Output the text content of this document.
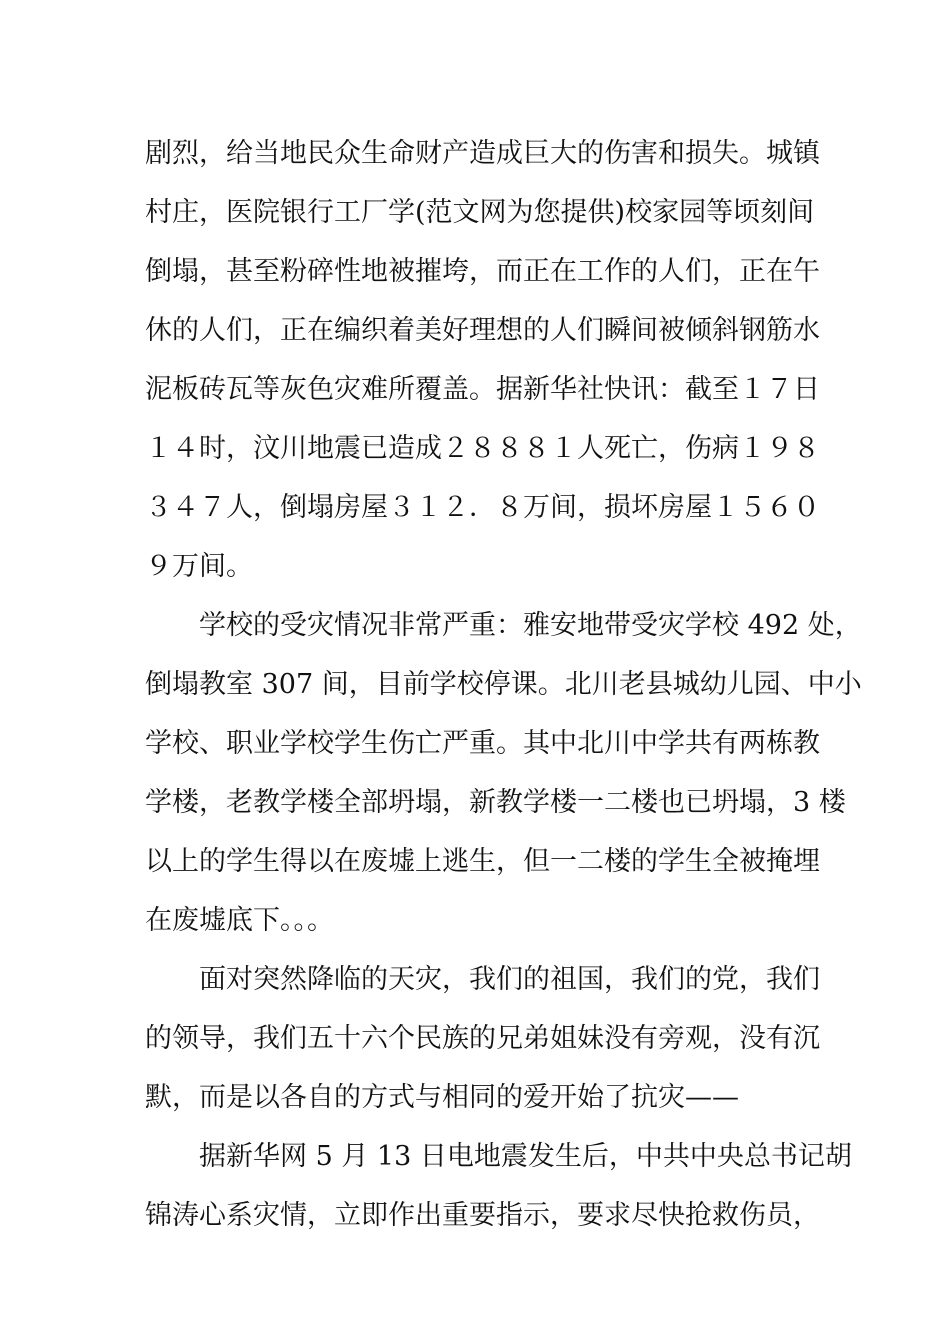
剧烈，给当地民众生命财产造成巨大的伤害和损失。城镇
村庄，医院银行工厂学(范文网为您提供)校家园等顷刻间
倒塌，甚至粉碎性地被摧垮，而正在工作的人们，正在午
休的人们，正在编织着美好理想的人们瞬间被倾斜钢筋水
泥板砖瓦等灰色灾难所覆盖。据新华社快讯：截至１７日
１４时，汶川地震已造成２８８８１人死亡，伤病１９８
３４７人，倒塌房屋３１２．８万间，损坏房屋１５６０
９万间。
学校的受灾情况非常严重：雅安地带受灾学校 492 处，
倒塌教室 307 间，目前学校停课。北川老县城幼儿园、中小
学校、职业学校学生伤亡严重。其中北川中学共有两栋教
学楼，老教学楼全部坍塌，新教学楼一二楼也已坍塌，3 楼
以上的学生得以在废墟上逃生，但一二楼的学生全被掩埋
在废墟底下。。。
面对突然降临的天灾，我们的祖国，我们的党，我们
的领导，我们五十六个民族的兄弟姐妹没有旁观，没有沉
默，而是以各自的方式与相同的爱开始了抗灾——
据新华网 5 月 13 日电地震发生后，中共中央总书记胡
锦涛心系灾情，立即作出重要指示，要求尽快抢救伤员，
